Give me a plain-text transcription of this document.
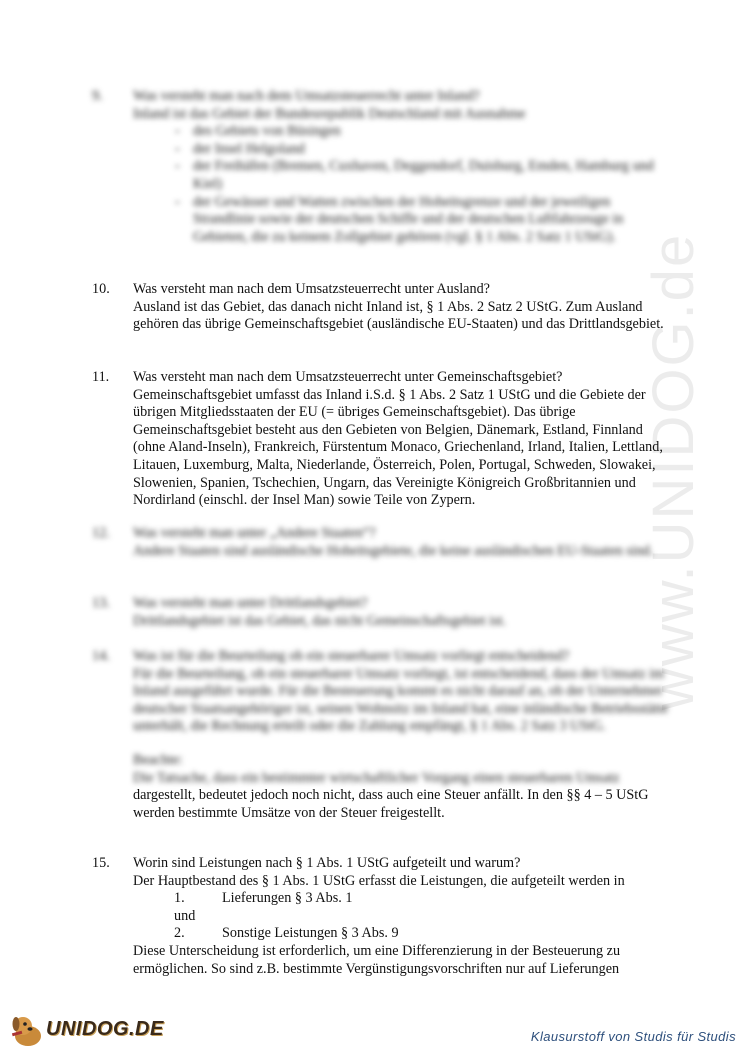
www.UNIDOG.de
9. Was versteht man nach dem Umsatzsteuerrecht unter Inland?
Inland ist das Gebiet der Bundesrepublik Deutschland mit Ausnahme
- des Gebiets von Büsingen
- der Insel Helgoland
- der Freihäfen (Bremen, Cuxhaven, Deggendorf, Duisburg, Emden, Hamburg und Kiel)
- der Gewässer und Watten zwischen der Hoheitsgrenze und der jeweiligen Strandlinie sowie der deutschen Schiffe und der deutschen Luftfahrzeuge in Gebieten, die zu keinem Zollgebiet gehören (vgl. § 1 Abs. 2 Satz 1 UStG).
10. Was versteht man nach dem Umsatzsteuerrecht unter Ausland?
Ausland ist das Gebiet, das danach nicht Inland ist, § 1 Abs. 2 Satz 2 UStG. Zum Ausland gehören das übrige Gemeinschaftsgebiet (ausländische EU-Staaten) und das Drittlandsgebiet.
11. Was versteht man nach dem Umsatzsteuerrecht unter Gemeinschaftsgebiet?
Gemeinschaftsgebiet umfasst das Inland i.S.d. § 1 Abs. 2 Satz 1 UStG und die Gebiete der übrigen Mitgliedsstaaten der EU (= übriges Gemeinschaftsgebiet). Das übrige Gemeinschaftsgebiet besteht aus den Gebieten von Belgien, Dänemark, Estland, Finnland (ohne Aland-Inseln), Frankreich, Fürstentum Monaco, Griechenland, Irland, Italien, Lettland, Litauen, Luxemburg, Malta, Niederlande, Österreich, Polen, Portugal, Schweden, Slowakei, Slowenien, Spanien, Tschechien, Ungarn, das Vereinigte Königreich Großbritannien und Nordirland (einschl. der Insel Man) sowie Teile von Zypern.
12. Was versteht man unter „Andere Staaten“?
Andere Staaten sind ausländische Hoheitsgebiete, die keine ausländischen EU-Staaten sind.
13. Was versteht man unter Drittlandsgebiet?
Drittlandsgebiet ist das Gebiet, das nicht Gemeinschaftsgebiet ist.
14. Was ist für die Beurteilung ob ein steuerbarer Umsatz vorliegt entscheidend?
Für die Beurteilung, ob ein steuerbarer Umsatz vorliegt, ist entscheidend, dass der Umsatz im Inland ausgeführt wurde. Für die Besteuerung kommt es nicht darauf an, ob der Unternehmer deutscher Staatsangehöriger ist, seinen Wohnsitz im Inland hat, eine inländische Betriebsstätte unterhält, die Rechnung erteilt oder die Zahlung empfängt, § 1 Abs. 2 Satz 3 UStG.
Beachte:
Die Tatsache, dass ein bestimmter wirtschaftlicher Vorgang einen steuerbaren Umsatz
dargestellt, bedeutet jedoch noch nicht, dass auch eine Steuer anfällt. In den §§ 4 – 5 UStG werden bestimmte Umsätze von der Steuer freigestellt.
15. Worin sind Leistungen nach § 1 Abs. 1 UStG aufgeteilt und warum?
Der Hauptbestand des § 1 Abs. 1 UStG erfasst die Leistungen, die aufgeteilt werden in
1.	Lieferungen § 3 Abs. 1
und
2.	Sonstige Leistungen § 3 Abs. 9
Diese Unterscheidung ist erforderlich, um eine Differenzierung in der Besteuerung zu ermöglichen. So sind z.B. bestimmte Vergünstigungsvorschriften nur auf Lieferungen
UNIDOG.DE	Klausurstoff von Studis für Studis
